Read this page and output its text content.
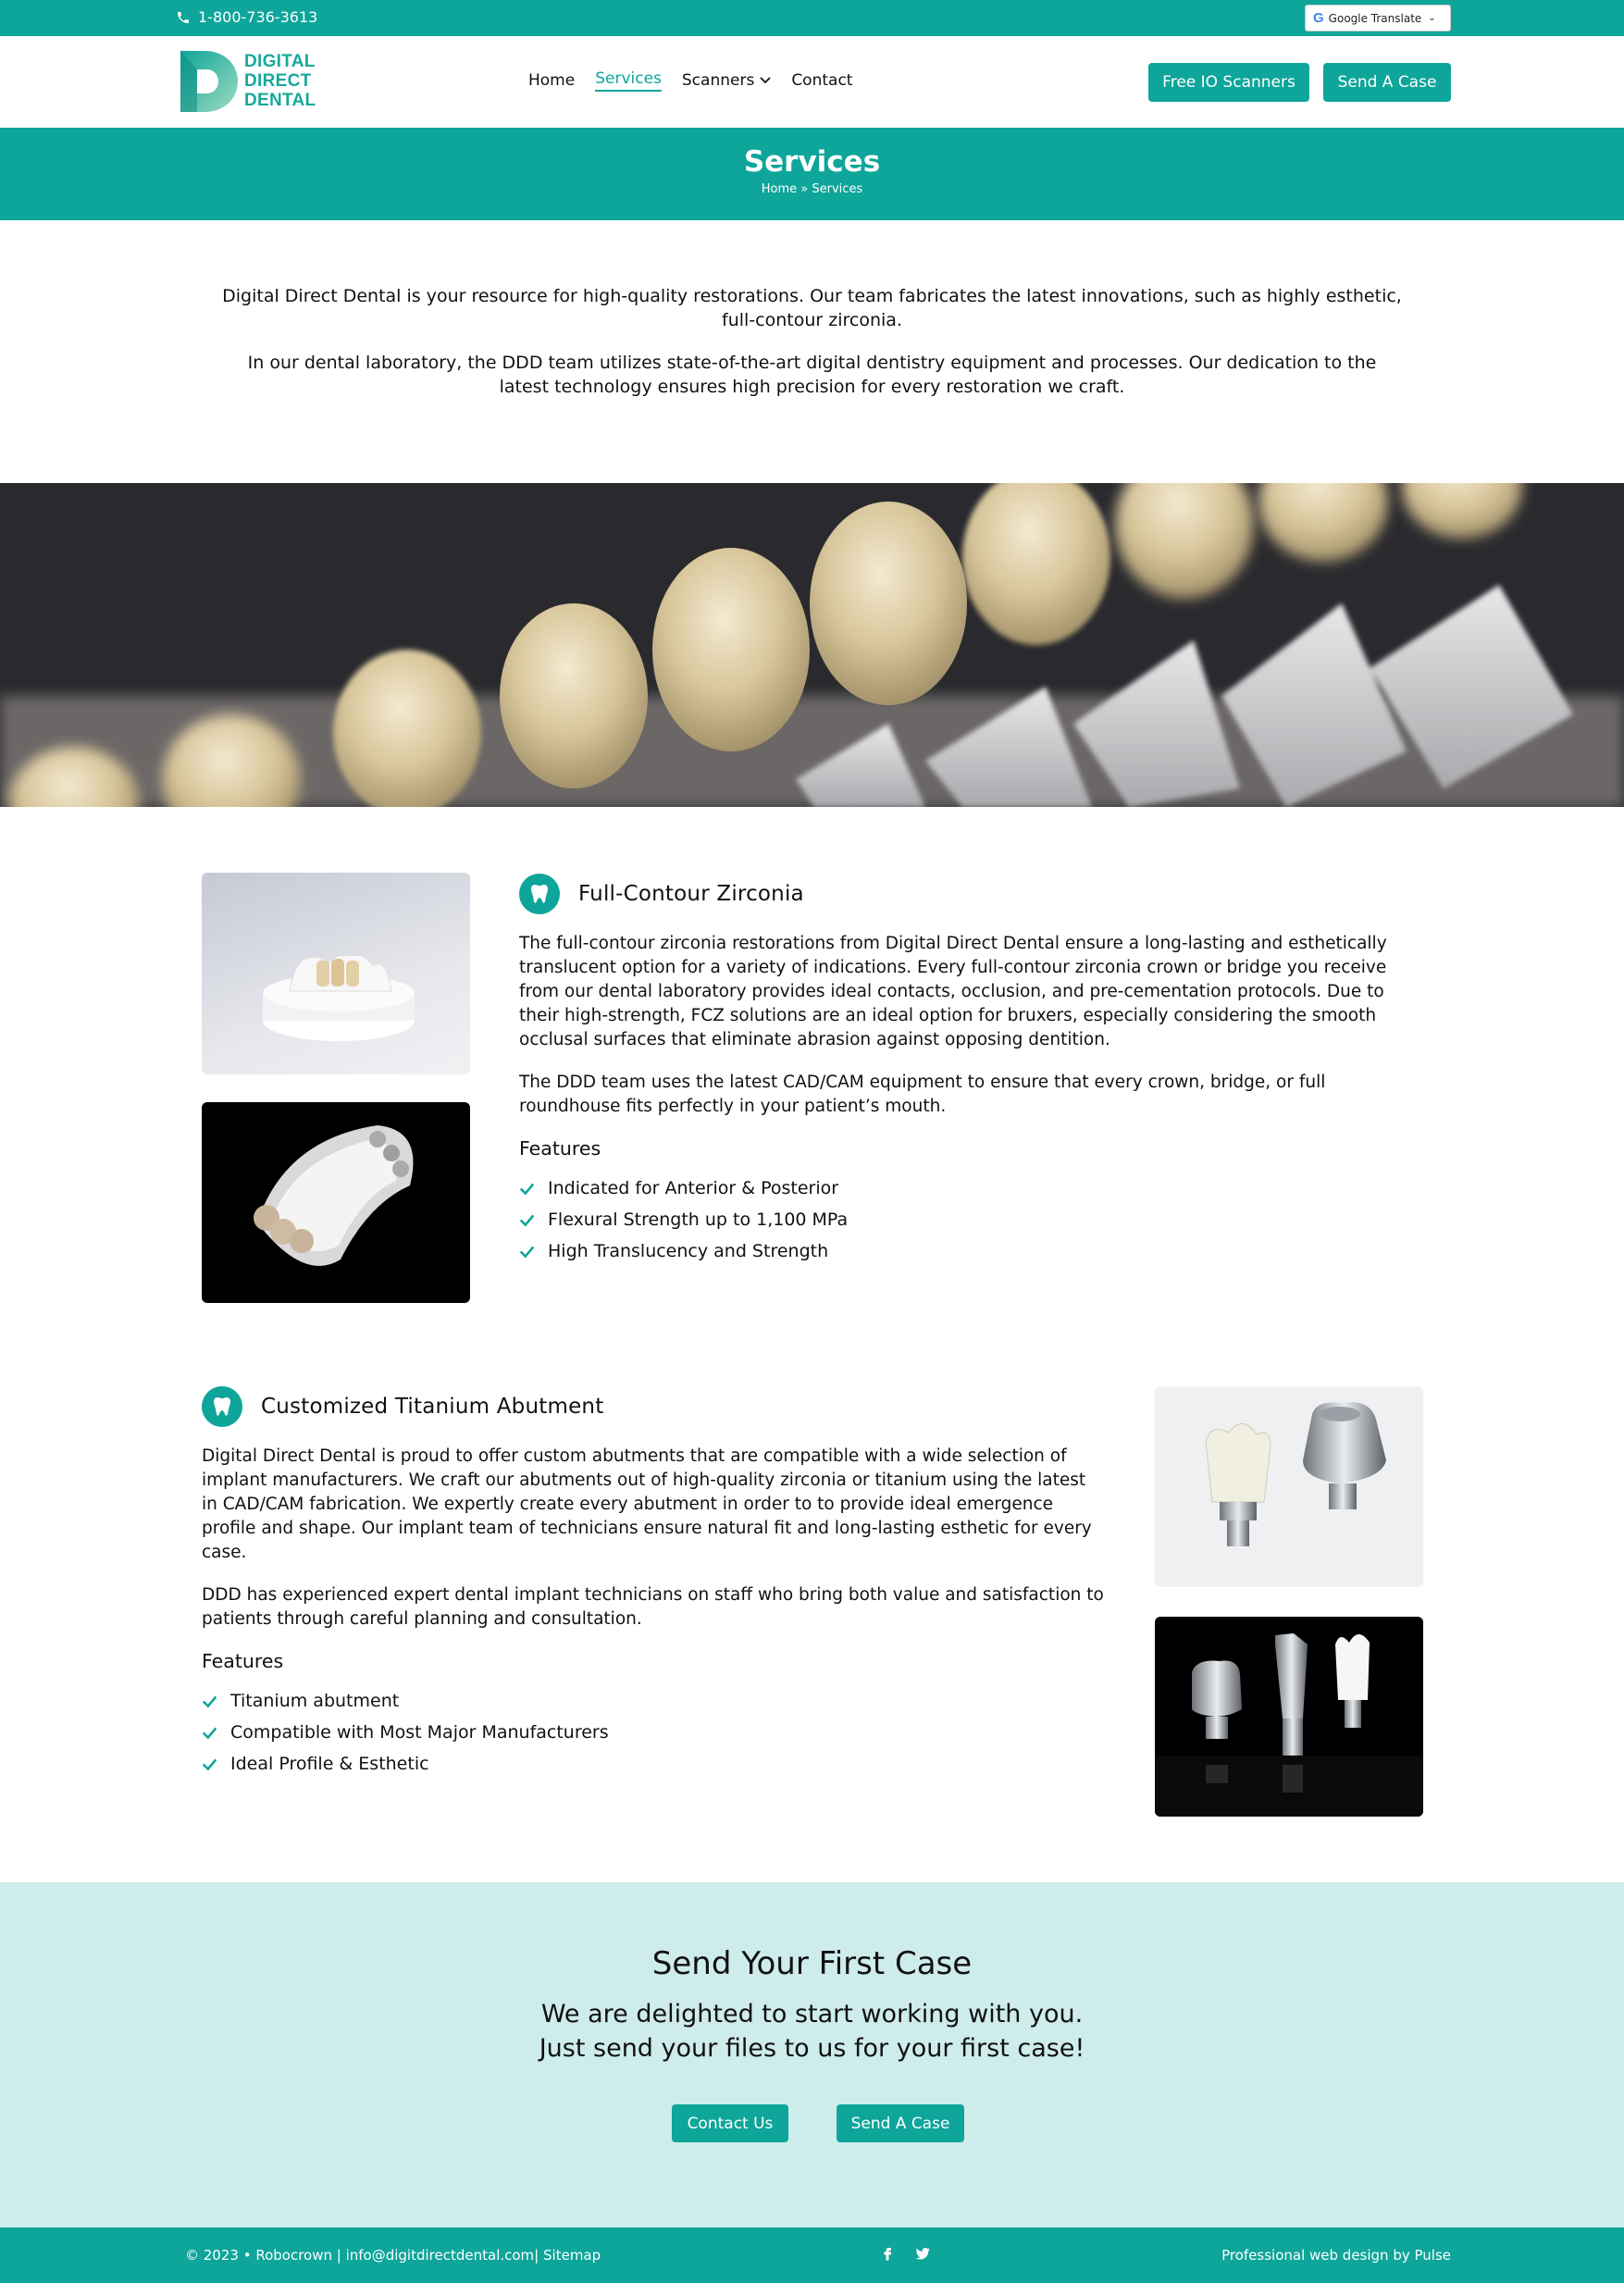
1-800-736-3613	G Google Translate ⌄
DIGITAL
DIRECT
DENTAL
Home Services Scanners Contact	Free IO Scanners	Send A Case
Services
Home » Services

Digital Direct Dental is your resource for high-quality restorations. Our team fabricates the latest innovations, such as highly esthetic, full-contour zirconia.

In our dental laboratory, the DDD team utilizes state-of-the-art digital dentistry equipment and processes. Our dedication to the latest technology ensures high precision for every restoration we craft.

Full-Contour Zirconia

The full-contour zirconia restorations from Digital Direct Dental ensure a long-lasting and esthetically translucent option for a variety of indications. Every full-contour zirconia crown or bridge you receive from our dental laboratory provides ideal contacts, occlusion, and pre-cementation protocols. Due to their high-strength, FCZ solutions are an ideal option for bruxers, especially considering the smooth occlusal surfaces that eliminate abrasion against opposing dentition.

The DDD team uses the latest CAD/CAM equipment to ensure that every crown, bridge, or full roundhouse fits perfectly in your patient’s mouth.

Features
Indicated for Anterior & Posterior
Flexural Strength up to 1,100 MPa
High Translucency and Strength
Customized Titanium Abutment

Digital Direct Dental is proud to offer custom abutments that are compatible with a wide selection of implant manufacturers. We craft our abutments out of high-quality zirconia or titanium using the latest in CAD/CAM fabrication. We expertly create every abutment in order to to provide ideal emergence profile and shape. Our implant team of technicians ensure natural fit and long-lasting esthetic for every case.

DDD has experienced expert dental implant technicians on staff who bring both value and satisfaction to patients through careful planning and consultation.

Features
Titanium abutment
Compatible with Most Major Manufacturers
Ideal Profile & Esthetic
Send Your First Case
We are delighted to start working with you.
Just send your files to us for your first case!
Contact Us	Send A Case
© 2023 • Robocrown |
info@digitdirectdental.com |
Sitemap	Professional web design by Pulse
